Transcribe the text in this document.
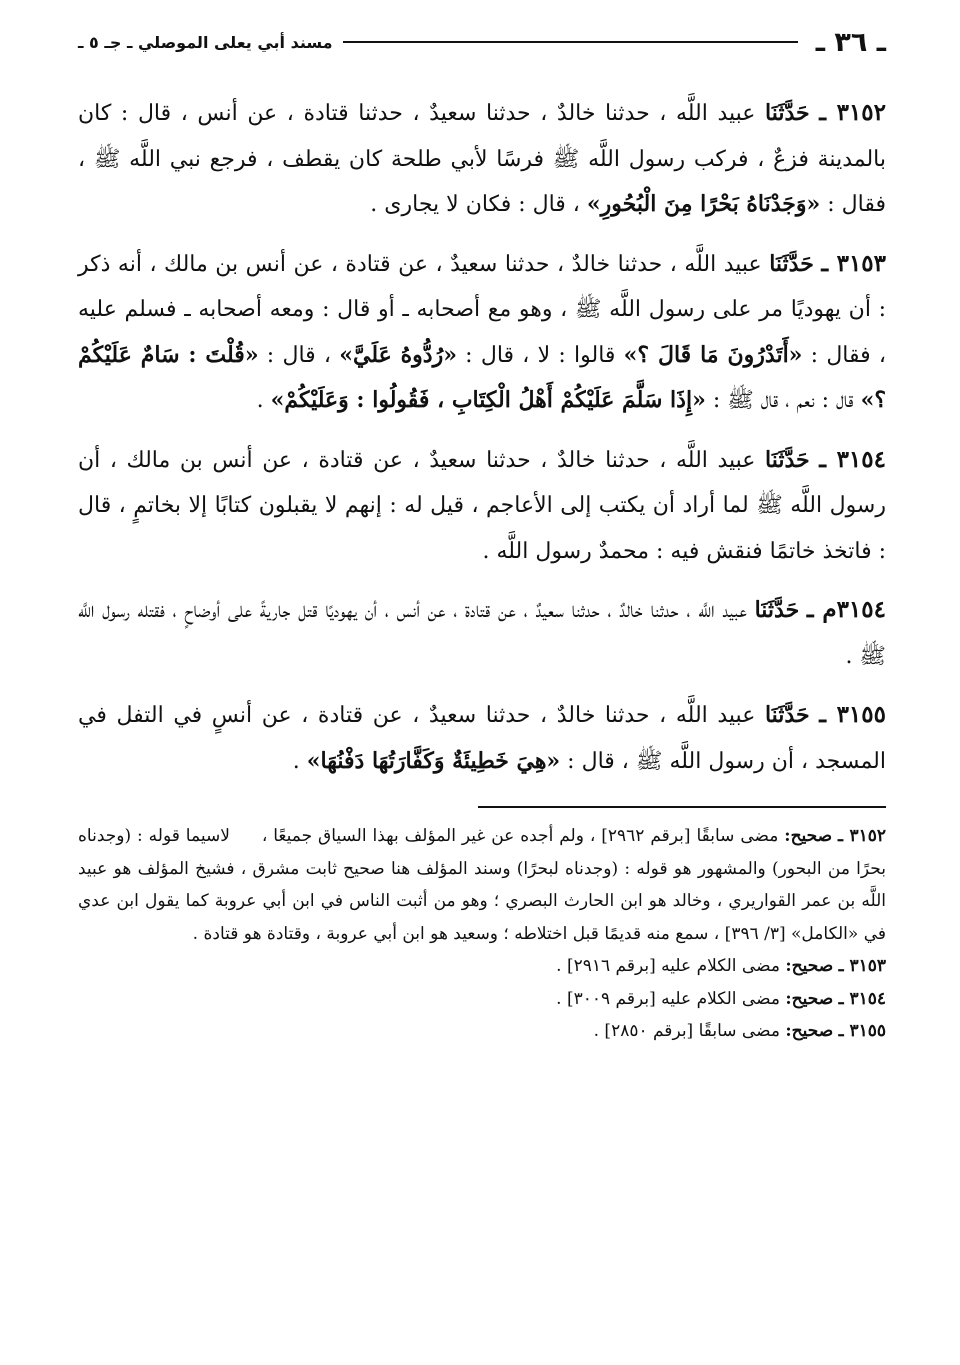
ـ ٣٦ ـ
مسند أبي يعلى الموصلي ـ جـ ٥ ـ

٣١٥٢ ـ حَدَّثَنَا عبيد اللَّه ، حدثنا خالدٌ ، حدثنا سعيدٌ ، حدثنا قتادة ، عن أنس ، قال : كان بالمدينة فزعٌ ، فركب رسول اللَّه ﷺ فرسًا لأبي طلحة كان يقطف ، فرجع نبي اللَّه ﷺ ، فقال : «وَجَدْنَاهُ بَحْرًا مِنَ الْبُحُورِ» ، قال : فكان لا يجارى .

٣١٥٣ ـ حَدَّثَنَا عبيد اللَّه ، حدثنا خالدٌ ، حدثنا سعيدٌ ، عن قتادة ، عن أنس بن مالك ، أنه ذكر : أن يهوديًا مر على رسول اللَّه ﷺ ، وهو مع أصحابه ـ أو قال : ومعه أصحابه ـ فسلم عليه ، فقال : «أَتَدْرُونَ مَا قَالَ ؟» قالوا : لا ، قال : «رُدُّوهُ عَلَيَّ» ، قال : «قُلْتَ : سَامٌ عَلَيْكُمْ ؟» قال : نعم ، قال ﷺ : «إِذَا سَلَّمَ عَلَيْكُمْ أَهْلُ الْكِتَابِ ، فَقُولُوا : وَعَلَيْكُمْ» .

٣١٥٤ ـ حَدَّثَنَا عبيد اللَّه ، حدثنا خالدٌ ، حدثنا سعيدٌ ، عن قتادة ، عن أنس بن مالك ، أن رسول اللَّه ﷺ لما أراد أن يكتب إلى الأعاجم ، قيل له : إنهم لا يقبلون كتابًا إلا بخاتمٍ ، قال : فاتخذ خاتمًا فنقش فيه : محمدٌ رسول اللَّه .

٣١٥٤م ـ حَدَّثَنَا عبيد اللَّه ، حدثنا خالدٌ ، حدثنا سعيدٌ ، عن قتادة ، عن أنس ، أن يهوديًا قتل جاريةً على أوضاحٍ ، فقتله رسول اللَّه ﷺ .

٣١٥٥ ـ حَدَّثَنَا عبيد اللَّه ، حدثنا خالدٌ ، حدثنا سعيدٌ ، عن قتادة ، عن أنسٍ في التفل في المسجد ، أن رسول اللَّه ﷺ ، قال : «هِيَ خَطِيئَةٌ وَكَفَّارَتُهَا دَفْنُهَا» .

٣١٥٢ ـ صحيح: مضى سابقًا [برقم ٢٩٦٢] ، ولم أجده عن غير المؤلف بهذا السياق جميعًا ، لاسيما قوله : (وجدناه بحرًا من البحور) والمشهور هو قوله : (وجدناه لبحرًا) وسند المؤلف هنا صحيح ثابت مشرق ، فشيخ المؤلف هو عبيد اللَّه بن عمر القواريري ، وخالد هو ابن الحارث البصري ؛ وهو من أثبت الناس في ابن أبي عروبة كما يقول ابن عدي في «الكامل» [٣/ ٣٩٦] ، سمع منه قديمًا قبل اختلاطه ؛ وسعيد هو ابن أبي عروبة ، وقتادة هو قتادة .

٣١٥٣ ـ صحيح: مضى الكلام عليه [برقم ٢٩١٦] .

٣١٥٤ ـ صحيح: مضى الكلام عليه [برقم ٣٠٠٩] .

٣١٥٥ ـ صحيح: مضى سابقًا [برقم ٢٨٥٠] .
